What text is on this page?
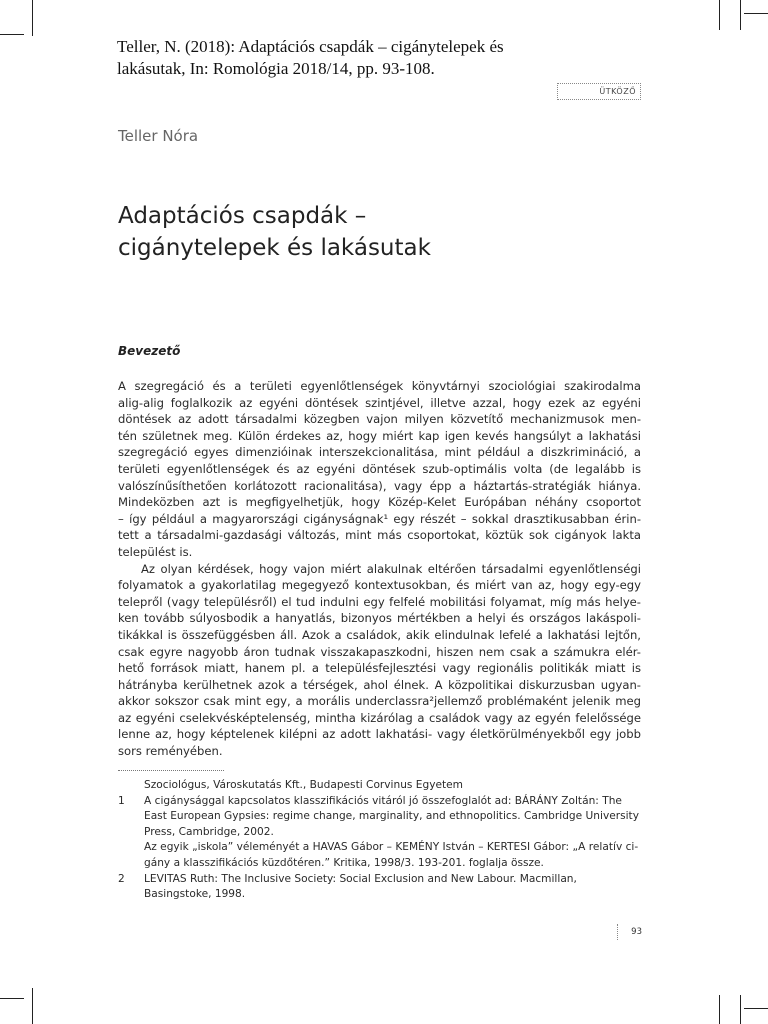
Teller, N. (2018): Adaptációs csapdák – cigánytelepek és
lakásutak, In: Romológia 2018/14, pp. 93-108.
ÜTKÖZŐ
Teller Nóra
Adaptációs csapdák –
cigánytelepek és lakásutak
Bevezető
A szegregáció és a területi egyenlőtlenségek könyvtárnyi szociológiai szakirodalma
alig-alig foglalkozik az egyéni döntések szintjével, illetve azzal, hogy ezek az egyéni
döntések az adott társadalmi közegben vajon milyen közvetítő mechanizmusok men-
tén születnek meg. Külön érdekes az, hogy miért kap igen kevés hangsúlyt a lakhatási
szegregáció egyes dimenzióinak interszekcionalitása, mint például a diszkrimináció, a
területi egyenlőtlenségek és az egyéni döntések szub-optimális volta (de legalább is
valószínűsíthetően korlátozott racionalitása), vagy épp a háztartás-stratégiák hiánya.
Mindeközben azt is megfigyelhetjük, hogy Közép-Kelet Európában néhány csoportot
– így például a magyarországi cigányságnak¹ egy részét – sokkal drasztikusabban érin-
tett a társadalmi-gazdasági változás, mint más csoportokat, köztük sok cigányok lakta
települést is.
Az olyan kérdések, hogy vajon miért alakulnak eltérően társadalmi egyenlőtlenségi
folyamatok a gyakorlatilag megegyező kontextusokban, és miért van az, hogy egy-egy
telepről (vagy településről) el tud indulni egy felfelé mobilitási folyamat, míg más helye-
ken tovább súlyosbodik a hanyatlás, bizonyos mértékben a helyi és országos lakáspoli-
tikákkal is összefüggésben áll. Azok a családok, akik elindulnak lefelé a lakhatási lejtőn,
csak egyre nagyobb áron tudnak visszakapaszkodni, hiszen nem csak a számukra elér-
hető források miatt, hanem pl. a településfejlesztési vagy regionális politikák miatt is
hátrányba kerülhetnek azok a térségek, ahol élnek. A közpolitikai diskurzusban ugyan-
akkor sokszor csak mint egy, a morális underclassra²jellemző problémaként jelenik meg
az egyéni cselekvésképtelenség, mintha kizárólag a családok vagy az egyén felelőssége
lenne az, hogy képtelenek kilépni az adott lakhatási- vagy életkörülményekből egy jobb
sors reményében.
Szociológus, Városkutatás Kft., Budapesti Corvinus Egyetem
1 A cigánysággal kapcsolatos klasszifikációs vitáról jó összefoglalót ad: BÁRÁNY Zoltán: The
East European Gypsies: regime change, marginality, and ethnopolitics. Cambridge University
Press, Cambridge, 2002.
Az egyik „iskola” véleményét a HAVAS Gábor – KEMÉNY István – KERTESI Gábor: „A relatív ci-
gány a klasszifikációs küzdőtéren.” Kritika, 1998/3. 193-201. foglalja össze.
2 LEVITAS Ruth: The Inclusive Society: Social Exclusion and New Labour. Macmillan,
Basingstoke, 1998.
93
